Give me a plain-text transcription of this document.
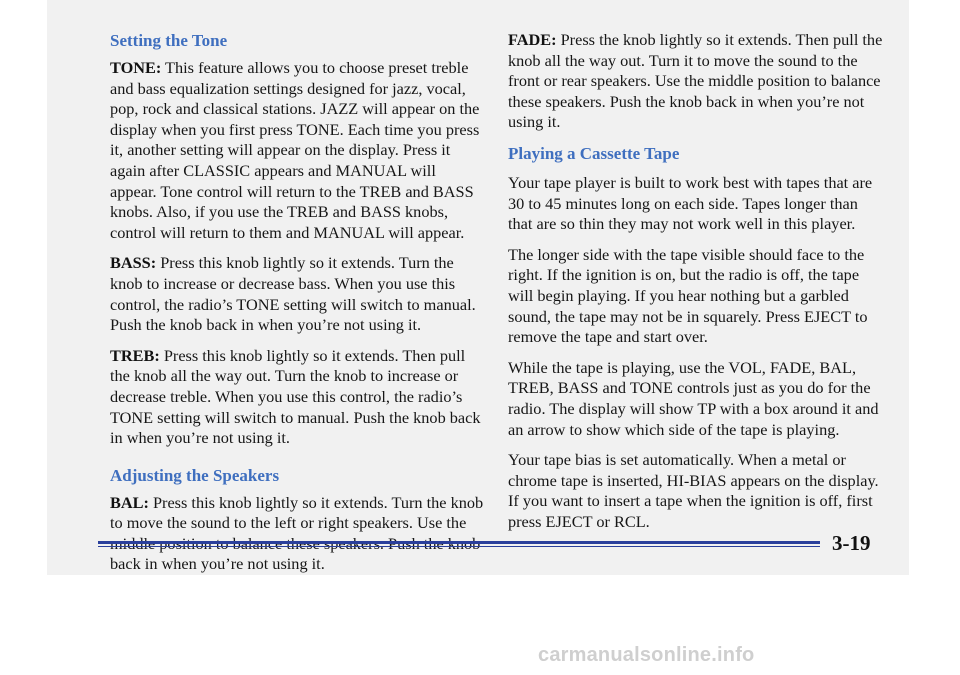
Setting the Tone

TONE: This feature allows you to choose preset treble and bass equalization settings designed for jazz, vocal, pop, rock and classical stations. JAZZ will appear on the display when you first press TONE. Each time you press it, another setting will appear on the display. Press it again after CLASSIC appears and MANUAL will appear. Tone control will return to the TREB and BASS knobs. Also, if you use the TREB and BASS knobs, control will return to them and MANUAL will appear.

BASS: Press this knob lightly so it extends. Turn the knob to increase or decrease bass. When you use this control, the radio’s TONE setting will switch to manual. Push the knob back in when you’re not using it.

TREB: Press this knob lightly so it extends. Then pull the knob all the way out. Turn the knob to increase or decrease treble. When you use this control, the radio’s TONE setting will switch to manual. Push the knob back in when you’re not using it.

Adjusting the Speakers

BAL: Press this knob lightly so it extends. Turn the knob to move the sound to the left or right speakers. Use the middle position to balance these speakers. Push the knob back in when you’re not using it.

FADE: Press the knob lightly so it extends. Then pull the knob all the way out. Turn it to move the sound to the front or rear speakers. Use the middle position to balance these speakers. Push the knob back in when you’re not using it.

Playing a Cassette Tape

Your tape player is built to work best with tapes that are 30 to 45 minutes long on each side. Tapes longer than that are so thin they may not work well in this player.

The longer side with the tape visible should face to the right. If the ignition is on, but the radio is off, the tape will begin playing. If you hear nothing but a garbled sound, the tape may not be in squarely. Press EJECT to remove the tape and start over.

While the tape is playing, use the VOL, FADE, BAL, TREB, BASS and TONE controls just as you do for the radio. The display will show TP with a box around it and an arrow to show which side of the tape is playing.

Your tape bias is set automatically. When a metal or chrome tape is inserted, HI-BIAS appears on the display. If you want to insert a tape when the ignition is off, first press EJECT or RCL.

3-19
carmanualsonline.info
